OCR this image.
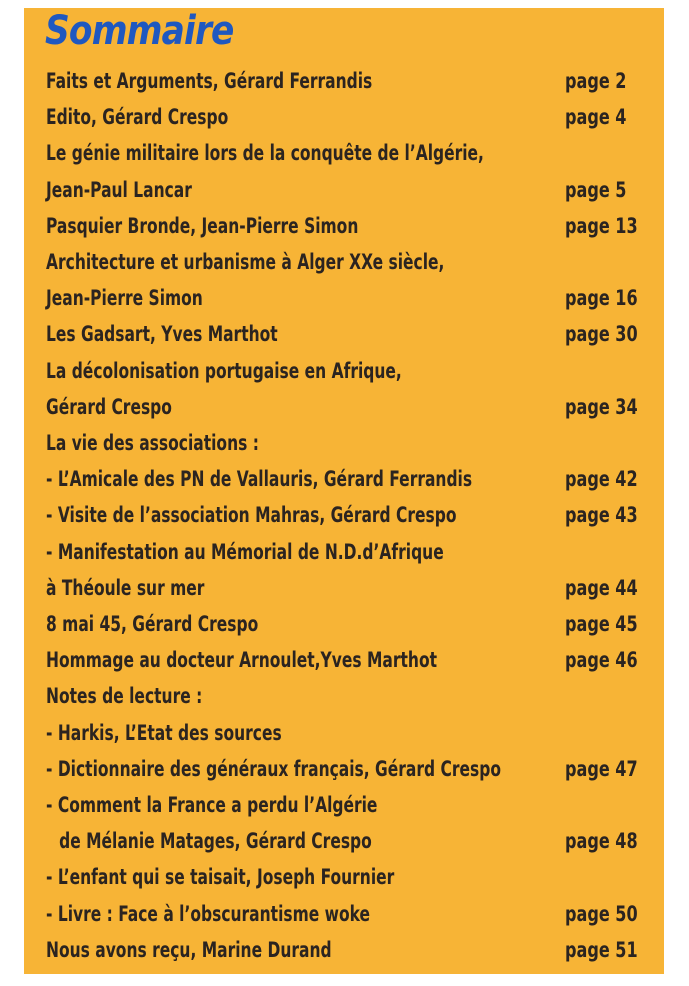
Sommaire
Faits et Arguments, Gérard Ferrandis	page 2
Edito, Gérard Crespo	page 4
Le génie militaire lors de la conquête de l’Algérie,
Jean-Paul Lancar	page 5
Pasquier Bronde, Jean-Pierre Simon	page 13
Architecture et urbanisme à Alger XXe siècle,
Jean-Pierre Simon	page 16
Les Gadsart, Yves Marthot	page 30
La décolonisation portugaise en Afrique,
Gérard Crespo	page 34
La vie des associations :
- L’Amicale des PN de Vallauris, Gérard Ferrandis	page 42
- Visite de l’association Mahras, Gérard Crespo	page 43
- Manifestation au Mémorial de N.D.d’Afrique
à Théoule sur mer	page 44
8 mai 45, Gérard Crespo	page 45
Hommage au docteur Arnoulet,Yves Marthot	page 46
Notes de lecture :
- Harkis, L’Etat des sources
- Dictionnaire des généraux français, Gérard Crespo	page 47
- Comment la France a perdu l’Algérie
de Mélanie Matages, Gérard Crespo	page 48
- L’enfant qui se taisait, Joseph Fournier
- Livre : Face à l’obscurantisme woke	page 50
Nous avons reçu, Marine Durand	page 51
